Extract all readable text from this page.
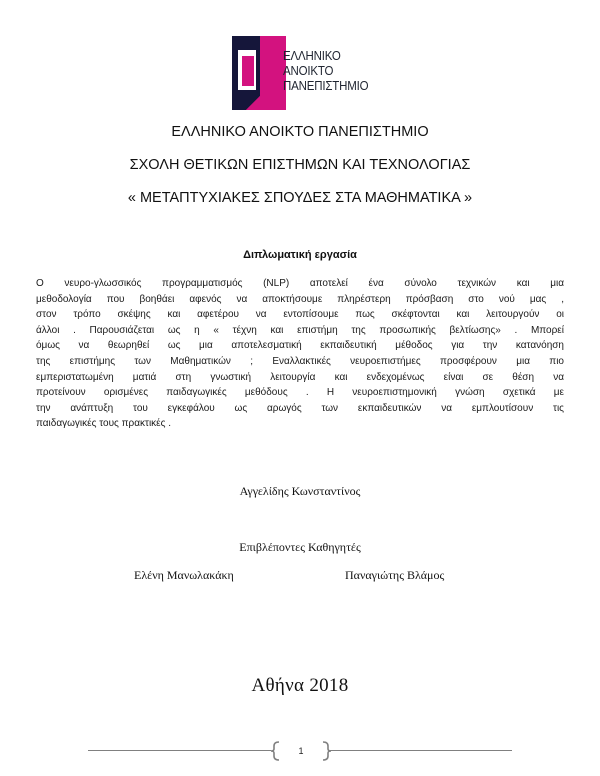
ΕΛΛΗΝΙΚΟ
ΑΝΟΙΚΤΟ
ΠΑΝΕΠΙΣΤΗΜΙΟ
ΕΛΛΗΝΙΚΟ ΑΝΟΙΚΤΟ ΠΑΝΕΠΙΣΤΗΜΙΟ
ΣΧΟΛΗ ΘΕΤΙΚΩΝ ΕΠΙΣΤΗΜΩΝ ΚΑΙ ΤΕΧΝΟΛΟΓΙΑΣ
« ΜΕΤΑΠΤΥΧΙΑΚΕΣ ΣΠΟΥΔΕΣ ΣΤΑ ΜΑΘΗΜΑΤΙΚΑ »
Διπλωματική εργασία
Ο νευρο-γλωσσικός προγραμματισμός (NLP) αποτελεί ένα σύνολο τεχνικών και μια
μεθοδολογία που βοηθάει αφενός να αποκτήσουμε πληρέστερη πρόσβαση στο νού μας ,
στον τρόπο σκέψης και αφετέρου να εντοπίσουμε πως σκέφτονται και λειτουργούν οι
άλλοι . Παρουσιάζεται ως η « τέχνη και επιστήμη της προσωπικής βελτίωσης» . Μπορεί
όμως να θεωρηθεί ως μια αποτελεσματική εκπαιδευτική μέθοδος για την κατανόηση
της επιστήμης των Μαθηματικών ; Εναλλακτικές νευροεπιστήμες προσφέρουν μια πιο
εμπεριστατωμένη ματιά στη γνωστική λειτουργία και ενδεχομένως είναι σε θέση να
προτείνουν ορισμένες παιδαγωγικές μεθόδους . Η νευροεπιστημονική γνώση σχετικά με
την ανάπτυξη του εγκεφάλου ως αρωγός των εκπαιδευτικών να εμπλουτίσουν τις
παιδαγωγικές τους πρακτικές .
Αγγελίδης Κωνσταντίνος
Επιβλέποντες Καθηγητές
Ελένη Μανωλακάκη	Παναγιώτης Βλάμος
Αθήνα 2018
1
